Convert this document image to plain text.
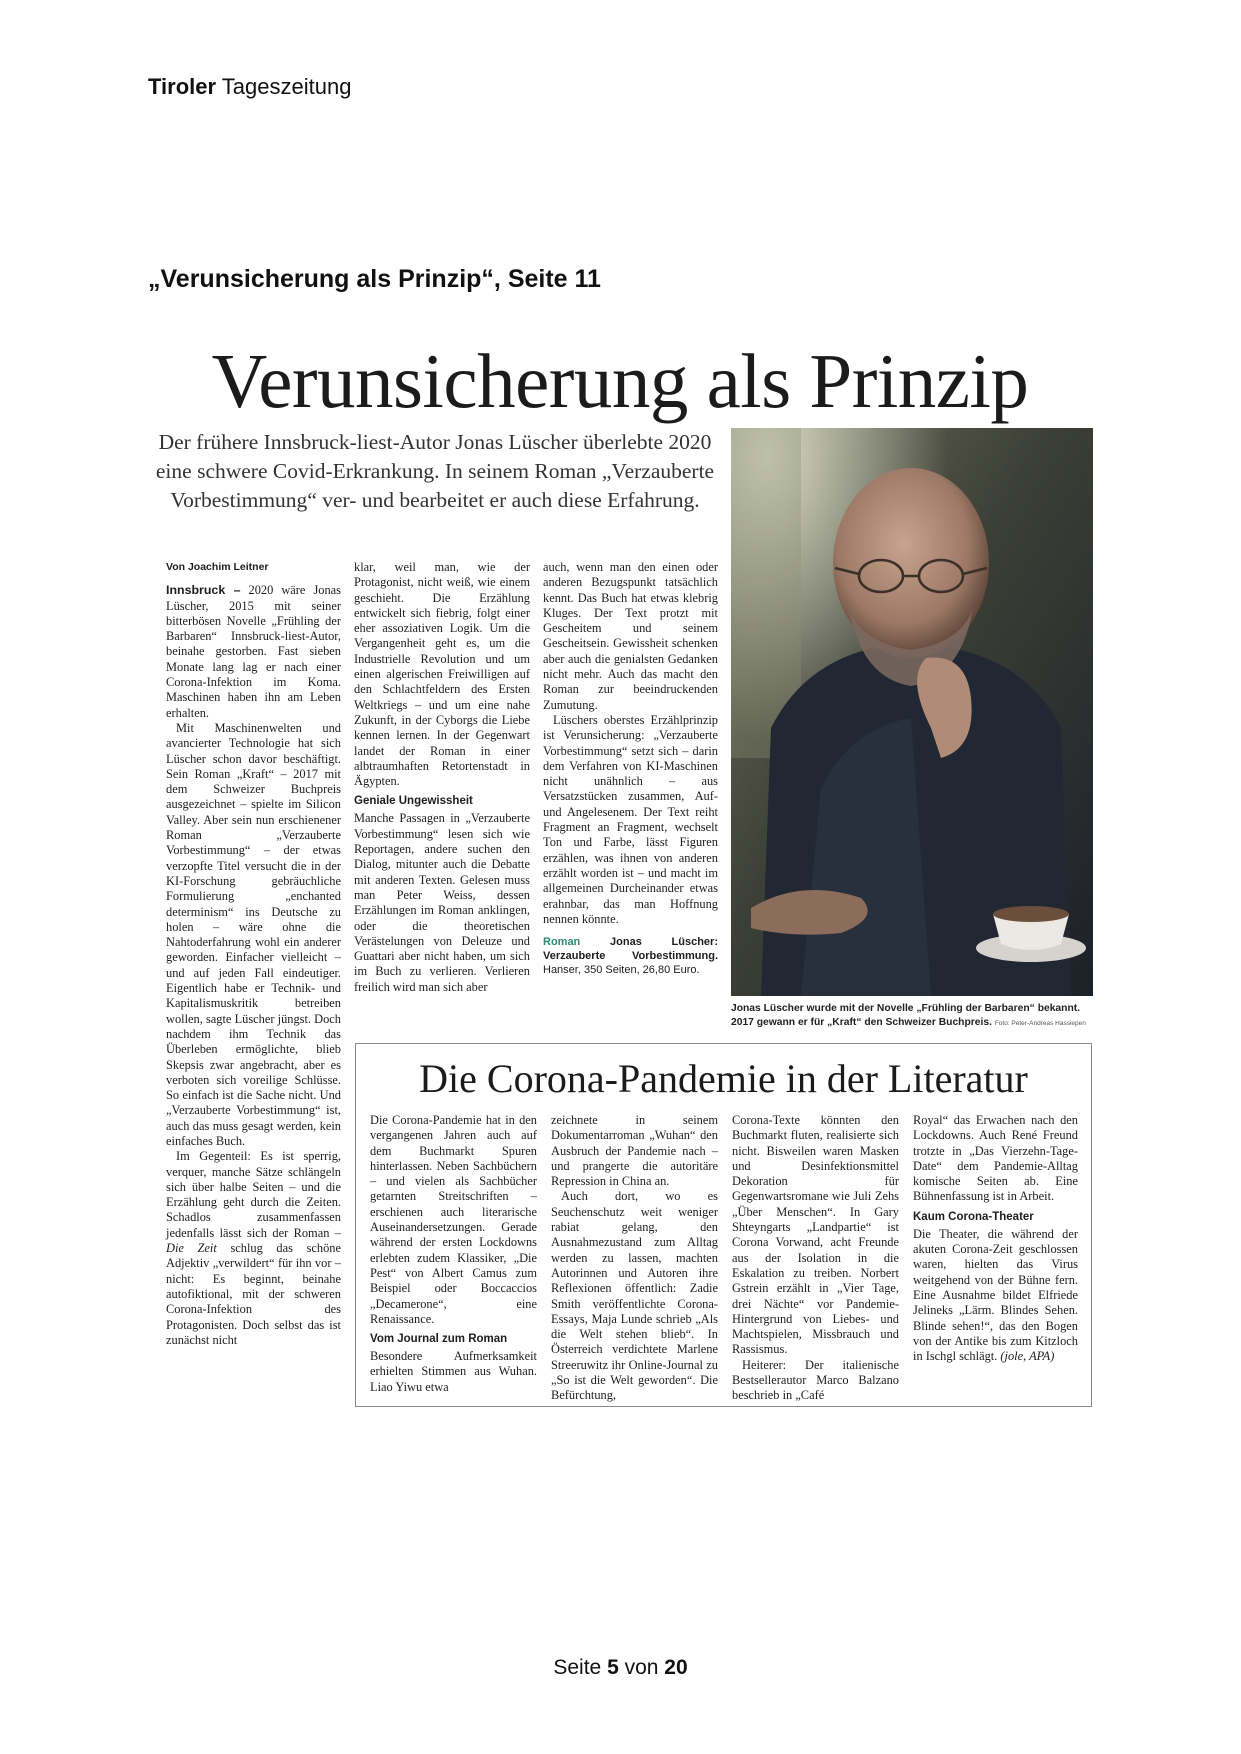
Tiroler Tageszeitung
„Verunsicherung als Prinzip“, Seite 11
Verunsicherung als Prinzip
Der frühere Innsbruck-liest-Autor Jonas Lüscher überlebte 2020 eine schwere Covid-Erkrankung. In seinem Roman „Verzauberte Vorbestimmung“ ver- und bearbeitet er auch diese Erfahrung.
Von Joachim Leitner

Innsbruck – 2020 wäre Jonas Lüscher, 2015 mit seiner bitterbösen Novelle „Frühling der Barbaren“ Innsbruck-liest-Autor, beinahe gestorben. Fast sieben Monate lang lag er nach einer Corona-Infektion im Koma. Maschinen haben ihn am Leben erhalten.

Mit Maschinenwelten und avancierter Technologie hat sich Lüscher schon davor beschäftigt. Sein Roman „Kraft“ – 2017 mit dem Schweizer Buchpreis ausgezeichnet – spielte im Silicon Valley. Aber sein nun erschienener Roman „Verzauberte Vorbestimmung“ – der etwas verzopfte Titel versucht die in der KI-Forschung gebräuchliche Formulierung „enchanted determinism“ ins Deutsche zu holen – wäre ohne die Nahtoderfahrung wohl ein anderer geworden. Einfacher vielleicht – und auf jeden Fall eindeutiger. Eigentlich habe er Technik- und Kapitalismuskritik betreiben wollen, sagte Lüscher jüngst. Doch nachdem ihm Technik das Überleben ermöglichte, blieb Skepsis zwar angebracht, aber es verboten sich voreilige Schlüsse. So einfach ist die Sache nicht. Und „Verzauberte Vorbestimmung“ ist, auch das muss gesagt werden, kein einfaches Buch.

Im Gegenteil: Es ist sperrig, verquer, manche Sätze schlängeln sich über halbe Seiten – und die Erzählung geht durch die Zeiten. Schadlos zusammenfassen jedenfalls lässt sich der Roman – Die Zeit schlug das schöne Adjektiv „verwildert“ für ihn vor – nicht: Es beginnt, beinahe autofiktional, mit der schweren Corona-Infektion des Protagonisten. Doch selbst das ist zunächst nicht

klar, weil man, wie der Protagonist, nicht weiß, wie einem geschieht. Die Erzählung entwickelt sich fiebrig, folgt einer eher assoziativen Logik. Um die Vergangenheit geht es, um die Industrielle Revolution und um einen algerischen Freiwilligen auf den Schlachtfeldern des Ersten Weltkriegs – und um eine nahe Zukunft, in der Cyborgs die Liebe kennen lernen. In der Gegenwart landet der Roman in einer albtraumhaften Retortenstadt in Ägypten.

Geniale Ungewissheit

Manche Passagen in „Verzauberte Vorbestimmung“ lesen sich wie Reportagen, andere suchen den Dialog, mitunter auch die Debatte mit anderen Texten. Gelesen muss man Peter Weiss, dessen Erzählungen im Roman anklingen, oder die theoretischen Verästelungen von Deleuze und Guattari aber nicht haben, um sich im Buch zu verlieren. Verlieren freilich wird man sich aber

auch, wenn man den einen oder anderen Bezugspunkt tatsächlich kennt. Das Buch hat etwas klebrig Kluges. Der Text protzt mit Gescheitem und seinem Gescheitsein. Gewissheit schenken aber auch die genialsten Gedanken nicht mehr. Auch das macht den Roman zur beeindruckenden Zumutung.

Lüschers oberstes Erzählprinzip ist Verunsicherung: „Verzauberte Vorbestimmung“ setzt sich – darin dem Verfahren von KI-Maschinen nicht unähnlich – aus Versatzstücken zusammen, Auf- und Angelesenem. Der Text reiht Fragment an Fragment, wechselt Ton und Farbe, lässt Figuren erzählen, was ihnen von anderen erzählt worden ist – und macht im allgemeinen Durcheinander etwas erahnbar, das man Hoffnung nennen könnte.

Roman	Jonas Lüscher: Verzauberte Vorbestimmung. Hanser, 350 Seiten, 26,80 Euro.
Jonas Lüscher wurde mit der Novelle „Frühling der Barbaren“ bekannt. 2017 gewann er für „Kraft“ den Schweizer Buchpreis. Foto: Peter-Andreas Hassiepen
Die Corona-Pandemie in der Literatur

Die Corona-Pandemie hat in den vergangenen Jahren auch auf dem Buchmarkt Spuren hinterlassen. Neben Sachbüchern – und vielen als Sachbücher getarnten Streitschriften – erschienen auch literarische Auseinandersetzungen. Gerade während der ersten Lockdowns erlebten zudem Klassiker, „Die Pest“ von Albert Camus zum Beispiel oder Boccaccios „Decamerone“, eine Renaissance.

Vom Journal zum Roman

Besondere Aufmerksamkeit erhielten Stimmen aus Wuhan. Liao Yiwu etwa

zeichnete in seinem Dokumentarroman „Wuhan“ den Ausbruch der Pandemie nach – und prangerte die autoritäre Repression in China an.

Auch dort, wo es Seuchenschutz weit weniger rabiat gelang, den Ausnahmezustand zum Alltag werden zu lassen, machten Autorinnen und Autoren ihre Reflexionen öffentlich: Zadie Smith veröffentlichte Corona-Essays, Maja Lunde schrieb „Als die Welt stehen blieb“. In Österreich verdichtete Marlene Streeruwitz ihr Online-Journal zu „So ist die Welt geworden“. Die Befürchtung,

Corona-Texte könnten den Buchmarkt fluten, realisierte sich nicht. Bisweilen waren Masken und Desinfektionsmittel Dekoration für Gegenwartsromane wie Juli Zehs „Über Menschen“. In Gary Shteyngarts „Landpartie“ ist Corona Vorwand, acht Freunde aus der Isolation in die Eskalation zu treiben. Norbert Gstrein erzählt in „Vier Tage, drei Nächte“ vor Pandemie-Hintergrund von Liebes- und Machtspielen, Missbrauch und Rassismus.

Heiterer: Der italienische Bestsellerautor Marco Balzano beschrieb in „Café

Royal“ das Erwachen nach den Lockdowns. Auch René Freund trotzte in „Das Vierzehn-Tage-Date“ dem Pandemie-Alltag komische Seiten ab. Eine Bühnenfassung ist in Arbeit.

Kaum Corona-Theater

Die Theater, die während der akuten Corona-Zeit geschlossen waren, hielten das Virus weitgehend von der Bühne fern. Eine Ausnahme bildet Elfriede Jelineks „Lärm. Blindes Sehen. Blinde sehen!“, das den Bogen von der Antike bis zum Kitzloch in Ischgl schlägt. (jole, APA)

Seite 5 von 20
